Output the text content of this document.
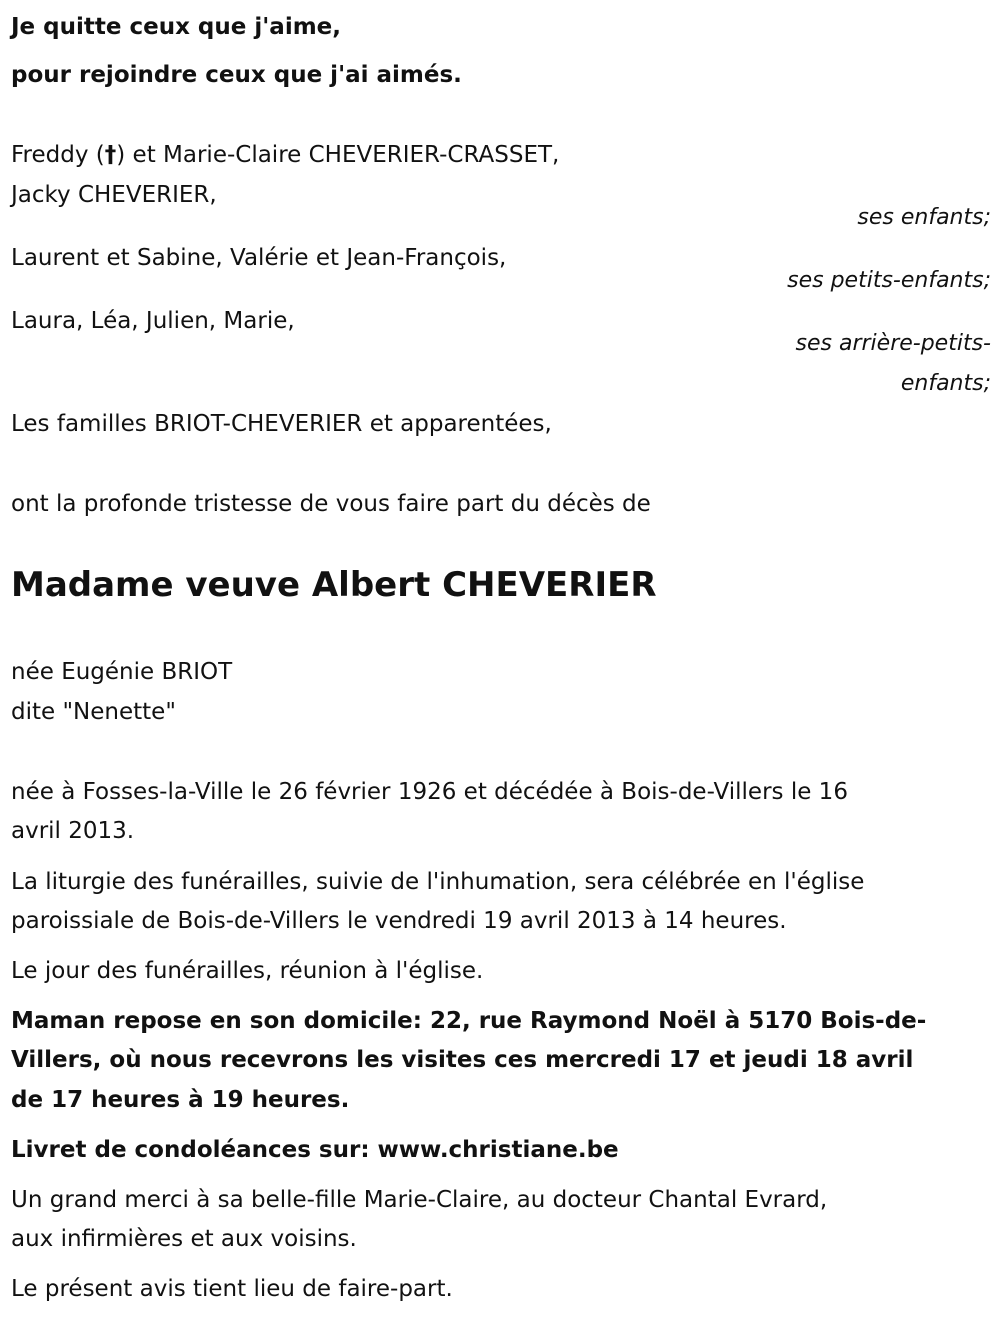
Je quitte ceux que j'aime,
pour rejoindre ceux que j'ai aimés.
Freddy (†) et Marie-Claire CHEVERIER-CRASSET,
Jacky CHEVERIER,
ses enfants;
Laurent et Sabine, Valérie et Jean-François,
ses petits-enfants;
Laura, Léa, Julien, Marie,
ses arrière-petits-
enfants;
Les familles BRIOT-CHEVERIER et apparentées,
ont la profonde tristesse de vous faire part du décès de
Madame veuve Albert CHEVERIER
née Eugénie BRIOT
dite "Nenette"
née à Fosses-la-Ville le 26 février 1926 et décédée à Bois-de-Villers le 16
avril 2013.
La liturgie des funérailles, suivie de l'inhumation, sera célébrée en l'église
paroissiale de Bois-de-Villers le vendredi 19 avril 2013 à 14 heures.
Le jour des funérailles, réunion à l'église.
Maman repose en son domicile: 22, rue Raymond Noël à 5170 Bois-de-
Villers, où nous recevrons les visites ces mercredi 17 et jeudi 18 avril
de 17 heures à 19 heures.
Livret de condoléances sur: www.christiane.be
Un grand merci à sa belle-fille Marie-Claire, au docteur Chantal Evrard,
aux infirmières et aux voisins.
Le présent avis tient lieu de faire-part.
